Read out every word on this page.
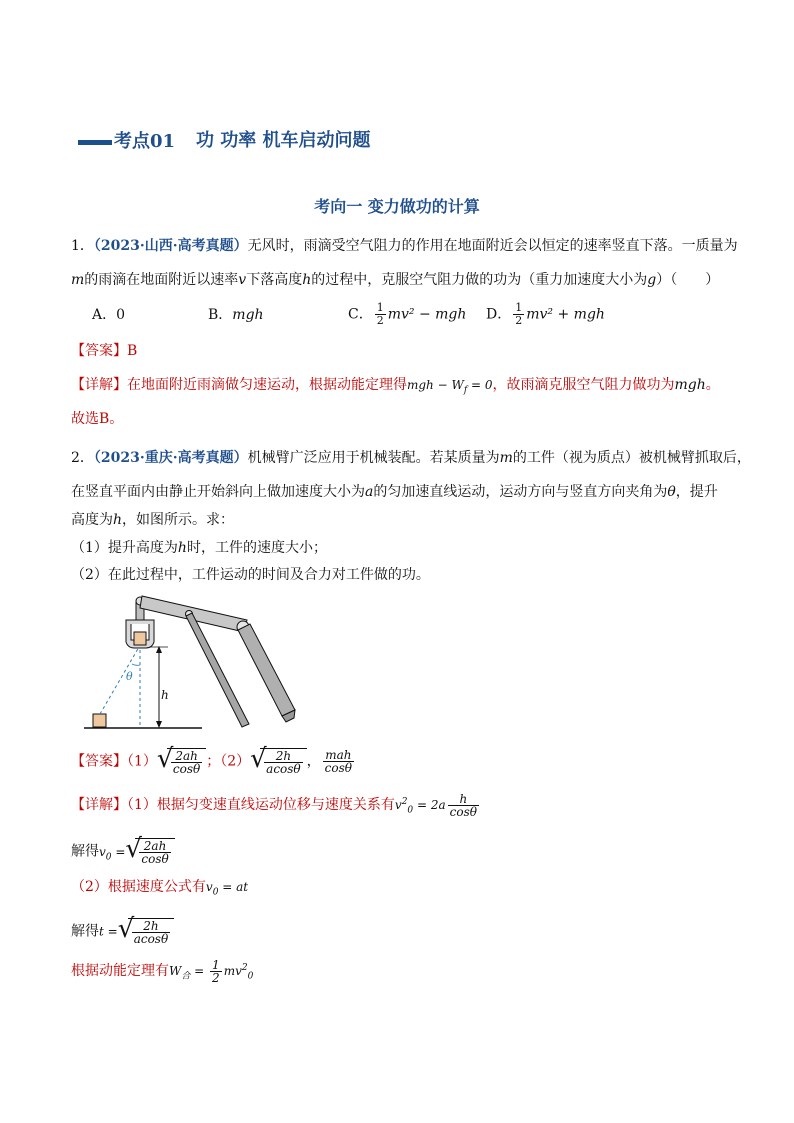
考点01 功 功率 机车启动问题
考向一 变力做功的计算
1．（2023·山西·高考真题）无风时，雨滴受空气阻力的作用在地面附近会以恒定的速率竖直下落。一质量为
m的雨滴在地面附近以速率v下落高度h的过程中，克服空气阻力做的功为（重力加速度大小为g）（　　）
A．0	B．mgh	C． $\frac{1}{2} mv^2$ − mgh D． $\frac{1}{2} mv^2$ + mgh
【答案】B
【详解】在地面附近雨滴做匀速运动，根据动能定理得mgh − $W_f = 0$，故雨滴克服空气阻力做功为mgh。
故选B。
2．（2023·重庆·高考真题）机械臂广泛应用于机械装配。若某质量为m的工件（视为质点）被机械臂抓取后，
在竖直平面内由静止开始斜向上做加速度大小为a的匀加速直线运动，运动方向与竖直方向夹角为θ，提升
高度为h，如图所示。求：
（1）提升高度为h时，工件的速度大小；
（2）在此过程中，工件运动的时间及合力对工件做的功。
θ
h
【答案】（1） √
$\frac{2ah}{\cos\theta}$ ；（2） √
$\frac{2h}{acos\theta}$ ， $\frac{\text{mah}}{\cos\theta}$
【详解】（1）根据匀变速直线运动位移与速度关系有$v^2_0 = 2a \frac{h}{\cos\theta}$
解得$v_0$ = √
$\frac{2ah}{\cos\theta}$
（2）根据速度公式有$v_0$ = at
解得t = √
$\frac{2h}{acos\theta}$
根据动能定理有$W_合 = \frac{1}{2} mv^2_0$
